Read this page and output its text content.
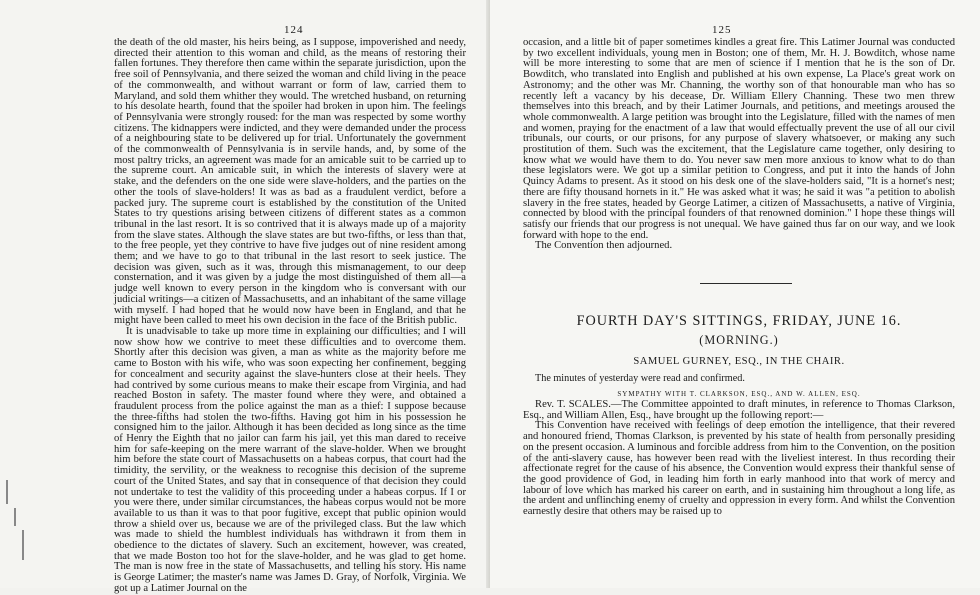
124

the death of the old master, his heirs being, as I suppose, impoverished and needy, directed their attention to this woman and child, as the means of restoring their fallen fortunes. They therefore then came within the separate jurisdiction, upon the free soil of Pennsylvania, and there seized the woman and child living in the peace of the commonwealth, and without warrant or form of law, carried them to Maryland, and sold them whither they would. The wretched husband, on returning to his desolate hearth, found that the spoiler had broken in upon him. The feelings of Pennsylvania were strongly roused: for the man was respected by some worthy citizens. The kidnappers were indicted, and they were demanded under the process of a neighbouring state to be delivered up for trial. Unfortunately the government of the commonwealth of Pennsylvania is in servile hands, and, by some of the most paltry tricks, an agreement was made for an amicable suit to be carried up to the supreme court. An amicable suit, in which the interests of slavery were at stake, and the defenders on the one side were slave-holders, and the parties on the other the tools of slave-holders! It was as bad as a fraudulent verdict, before a packed jury. The supreme court is established by the constitution of the United States to try questions arising between citizens of different states as a common tribunal in the last resort. It is so contrived that it is always made up of a majority from the slave states. Although the slave states are but two-fifths, or less than that, to the free people, yet they contrive to have five judges out of nine resident among them; and we have to go to that tribunal in the last resort to seek justice. The decision was given, such as it was, through this mismanagement, to our deep consternation, and it was given by a judge the most distinguished of them all—a judge well known to every person in the kingdom who is conversant with our judicial writings—a citizen of Massachusetts, and an inhabitant of the same village with myself. I had hoped that he would now have been in England, and that he might have been called to meet his own decision in the face of the British public.

It is unadvisable to take up more time in explaining our difficulties; and I will now show how we contrive to meet these difficulties and to overcome them. Shortly after this decision was given, a man as white as the majority before me came to Boston with his wife, who was soon expecting her confinement, begging for concealment and security against the slave-hunters close at their heels. They had contrived by some curious means to make their escape from Virginia, and had reached Boston in safety. The master found where they were, and obtained a fraudulent process from the police against the man as a thief: I suppose because the three-fifths had stolen the two-fifths. Having got him in his possession he consigned him to the jailor. Although it has been decided as long since as the time of Henry the Eighth that no jailor can farm his jail, yet this man dared to receive him for safe-keeping on the mere warrant of the slave-holder. When we brought him before the state court of Massachusetts on a habeas corpus, that court had the timidity, the servility, or the weakness to recognise this decision of the supreme court of the United States, and say that in consequence of that decision they could not undertake to test the validity of this proceeding under a habeas corpus. If I or you were there, under similar circumstances, the habeas corpus would not be more available to us than it was to that poor fugitive, except that public opinion would throw a shield over us, because we are of the privileged class. But the law which was made to shield the humblest individuals has withdrawn it from them in obedience to the dictates of slavery. Such an excitement, however, was created, that we made Boston too hot for the slave-holder, and he was glad to get home. The man is now free in the state of Massachusetts, and telling his story. His name is George Latimer; the master's name was James D. Gray, of Norfolk, Virginia. We got up a Latimer Journal on the

125

occasion, and a little bit of paper sometimes kindles a great fire. This Latimer Journal was conducted by two excellent individuals, young men in Boston; one of them, Mr. H. J. Bowditch, whose name will be more interesting to some that are men of science if I mention that he is the son of Dr. Bowditch, who translated into English and published at his own expense, La Place's great work on Astronomy; and the other was Mr. Channing, the worthy son of that honourable man who has so recently left a vacancy by his decease, Dr. William Ellery Channing. These two men threw themselves into this breach, and by their Latimer Journals, and petitions, and meetings aroused the whole commonwealth. A large petition was brought into the Legislature, filled with the names of men and women, praying for the enactment of a law that would effectually prevent the use of all our civil tribunals, our courts, or our prisons, for any purpose of slavery whatsoever, or making any such prostitution of them. Such was the excitement, that the Legislature came together, only desiring to know what we would have them to do. You never saw men more anxious to know what to do than these legislators were. We got up a similar petition to Congress, and put it into the hands of John Quincy Adams to present. As it stood on his desk one of the slave-holders said, "It is a hornet's nest; there are fifty thousand hornets in it." He was asked what it was; he said it was "a petition to abolish slavery in the free states, headed by George Latimer, a citizen of Massachusetts, a native of Virginia, connected by blood with the principal founders of that renowned dominion." I hope these things will satisfy our friends that our progress is not unequal. We have gained thus far on our way, and we look forward with hope to the end.

The Convention then adjourned.

FOURTH DAY'S SITTINGS, FRIDAY, JUNE 16.
(MORNING.)
SAMUEL GURNEY, ESQ., IN THE CHAIR.
The minutes of yesterday were read and confirmed.
SYMPATHY WITH T. CLARKSON, ESQ., AND W. ALLEN, ESQ.

Rev. T. SCALES.—The Committee appointed to draft minutes, in reference to Thomas Clarkson, Esq., and William Allen, Esq., have brought up the following report:—

This Convention have received with feelings of deep emotion the intelligence, that their revered and honoured friend, Thomas Clarkson, is prevented by his state of health from personally presiding on the present occasion. A luminous and forcible address from him to the Convention, on the position of the anti-slavery cause, has however been read with the liveliest interest. In thus recording their affectionate regret for the cause of his absence, the Convention would express their thankful sense of the good providence of God, in leading him forth in early manhood into that work of mercy and labour of love which has marked his career on earth, and in sustaining him throughout a long life, as the ardent and unflinching enemy of cruelty and oppression in every form. And whilst the Convention earnestly desire that others may be raised up to
